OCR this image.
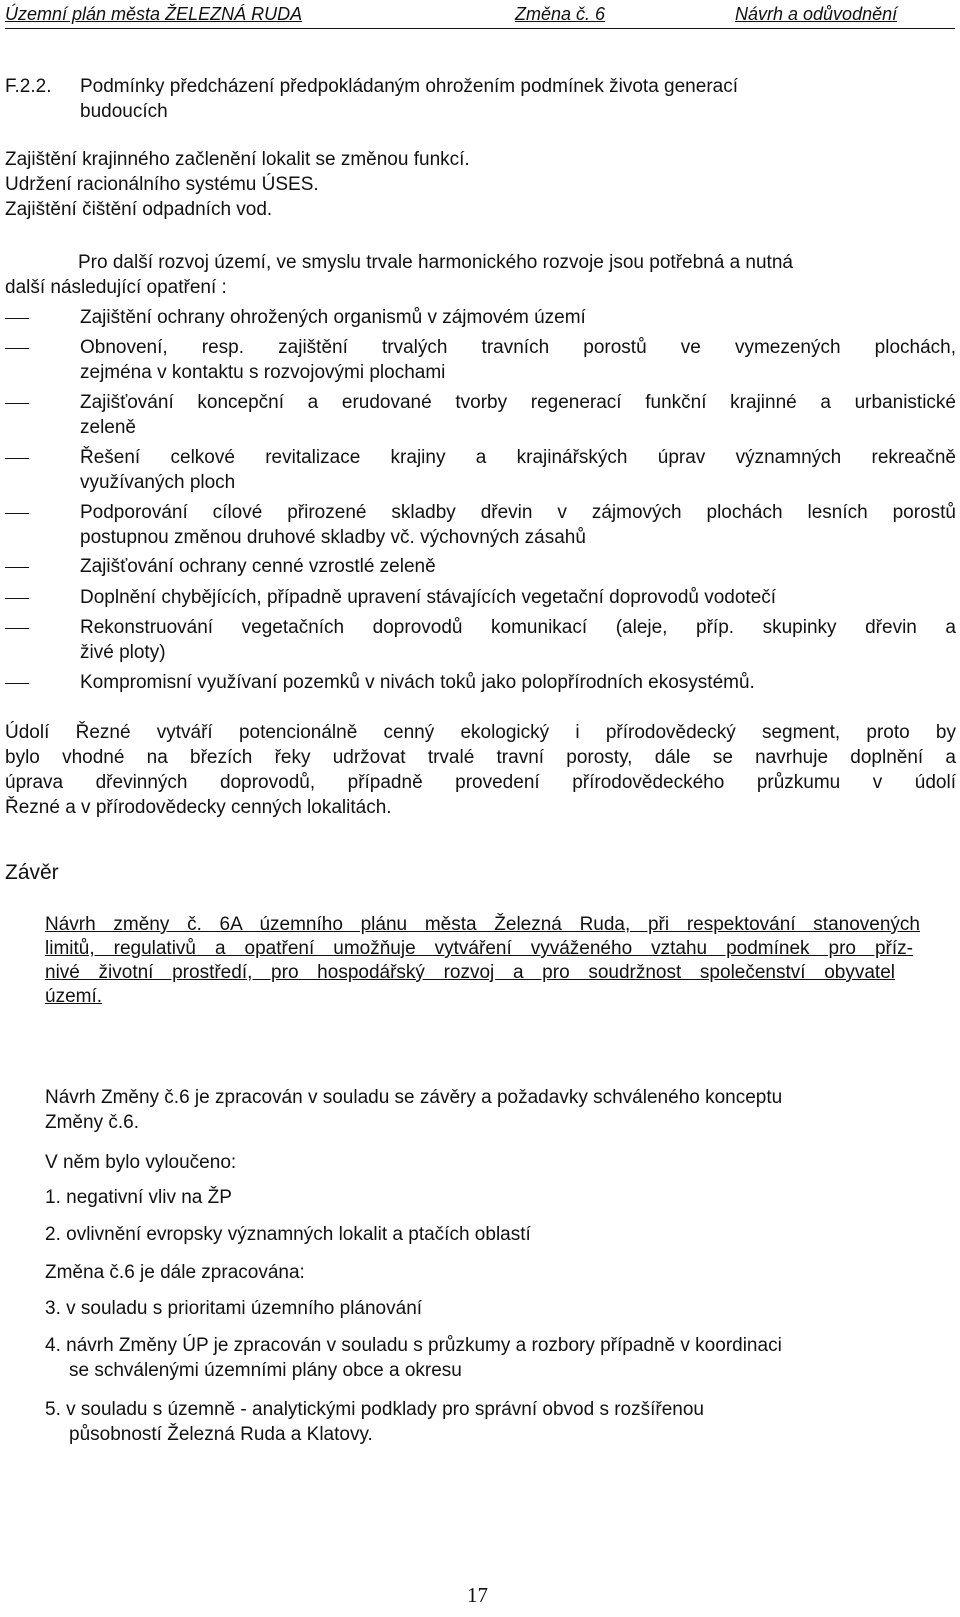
Územní plán města ŽELEZNÁ RUDA	Změna č. 6	Návrh a odůvodnění
F.2.2. Podmínky předcházení předpokládaným ohrožením podmínek života generací
budoucích
Zajištění krajinného začlenění lokalit se změnou funkcí.
Udržení racionálního systému ÚSES.
Zajištění čištění odpadních vod.
Pro další rozvoj území, ve smyslu trvale harmonického rozvoje jsou potřebná a nutná
další následující opatření :
Zajištění ochrany ohrožených organismů v zájmovém území
Obnovení, resp. zajištění trvalých travních porostů ve vymezených plochách,
zejména v kontaktu s rozvojovými plochami
Zajišťování koncepční a erudované tvorby regenerací funkční krajinné a urbanistické
zeleně
Řešení celkové revitalizace krajiny a krajinářských úprav významných rekreačně
využívaných ploch
Podporování cílové přirozené skladby dřevin v zájmových plochách lesních porostů
postupnou změnou druhové skladby vč. výchovných zásahů
Zajišťování ochrany cenné vzrostlé zeleně
Doplnění chybějících, případně upravení stávajících vegetační doprovodů vodotečí
Rekonstruování vegetačních doprovodů komunikací (aleje, příp. skupinky dřevin a
živé ploty)
Kompromisní využívaní pozemků v nivách toků jako polopřírodních ekosystémů.
Údolí Řezné vytváří potencionálně cenný ekologický i přírodovědecký segment, proto by
bylo vhodné na březích řeky udržovat trvalé travní porosty, dále se navrhuje doplnění a
úprava dřevinných doprovodů, případně provedení přírodovědeckého průzkumu v údolí
Řezné a v přírodovědecky cenných lokalitách.
Závěr
Návrh změny č. 6A územního plánu města Železná Ruda, při respektování stanovených
limitů, regulativů a opatření umožňuje vytváření vyváženého vztahu podmínek pro příz-
nivé životní prostředí, pro hospodářský rozvoj a pro soudržnost společenství obyvatel
území.
Návrh Změny č.6 je zpracován v souladu se závěry a požadavky schváleného konceptu
Změny č.6.
V něm bylo vyloučeno:
1. negativní vliv na ŽP
2. ovlivnění evropsky významných lokalit a ptačích oblastí
Změna č.6 je dále zpracována:
3. v souladu s prioritami územního plánování
4. návrh Změny ÚP je zpracován v souladu s průzkumy a rozbory případně v koordinaci
se schválenými územními plány obce a okresu
5. v souladu s územně - analytickými podklady pro správní obvod s rozšířenou
působností Železná Ruda a Klatovy.
17
